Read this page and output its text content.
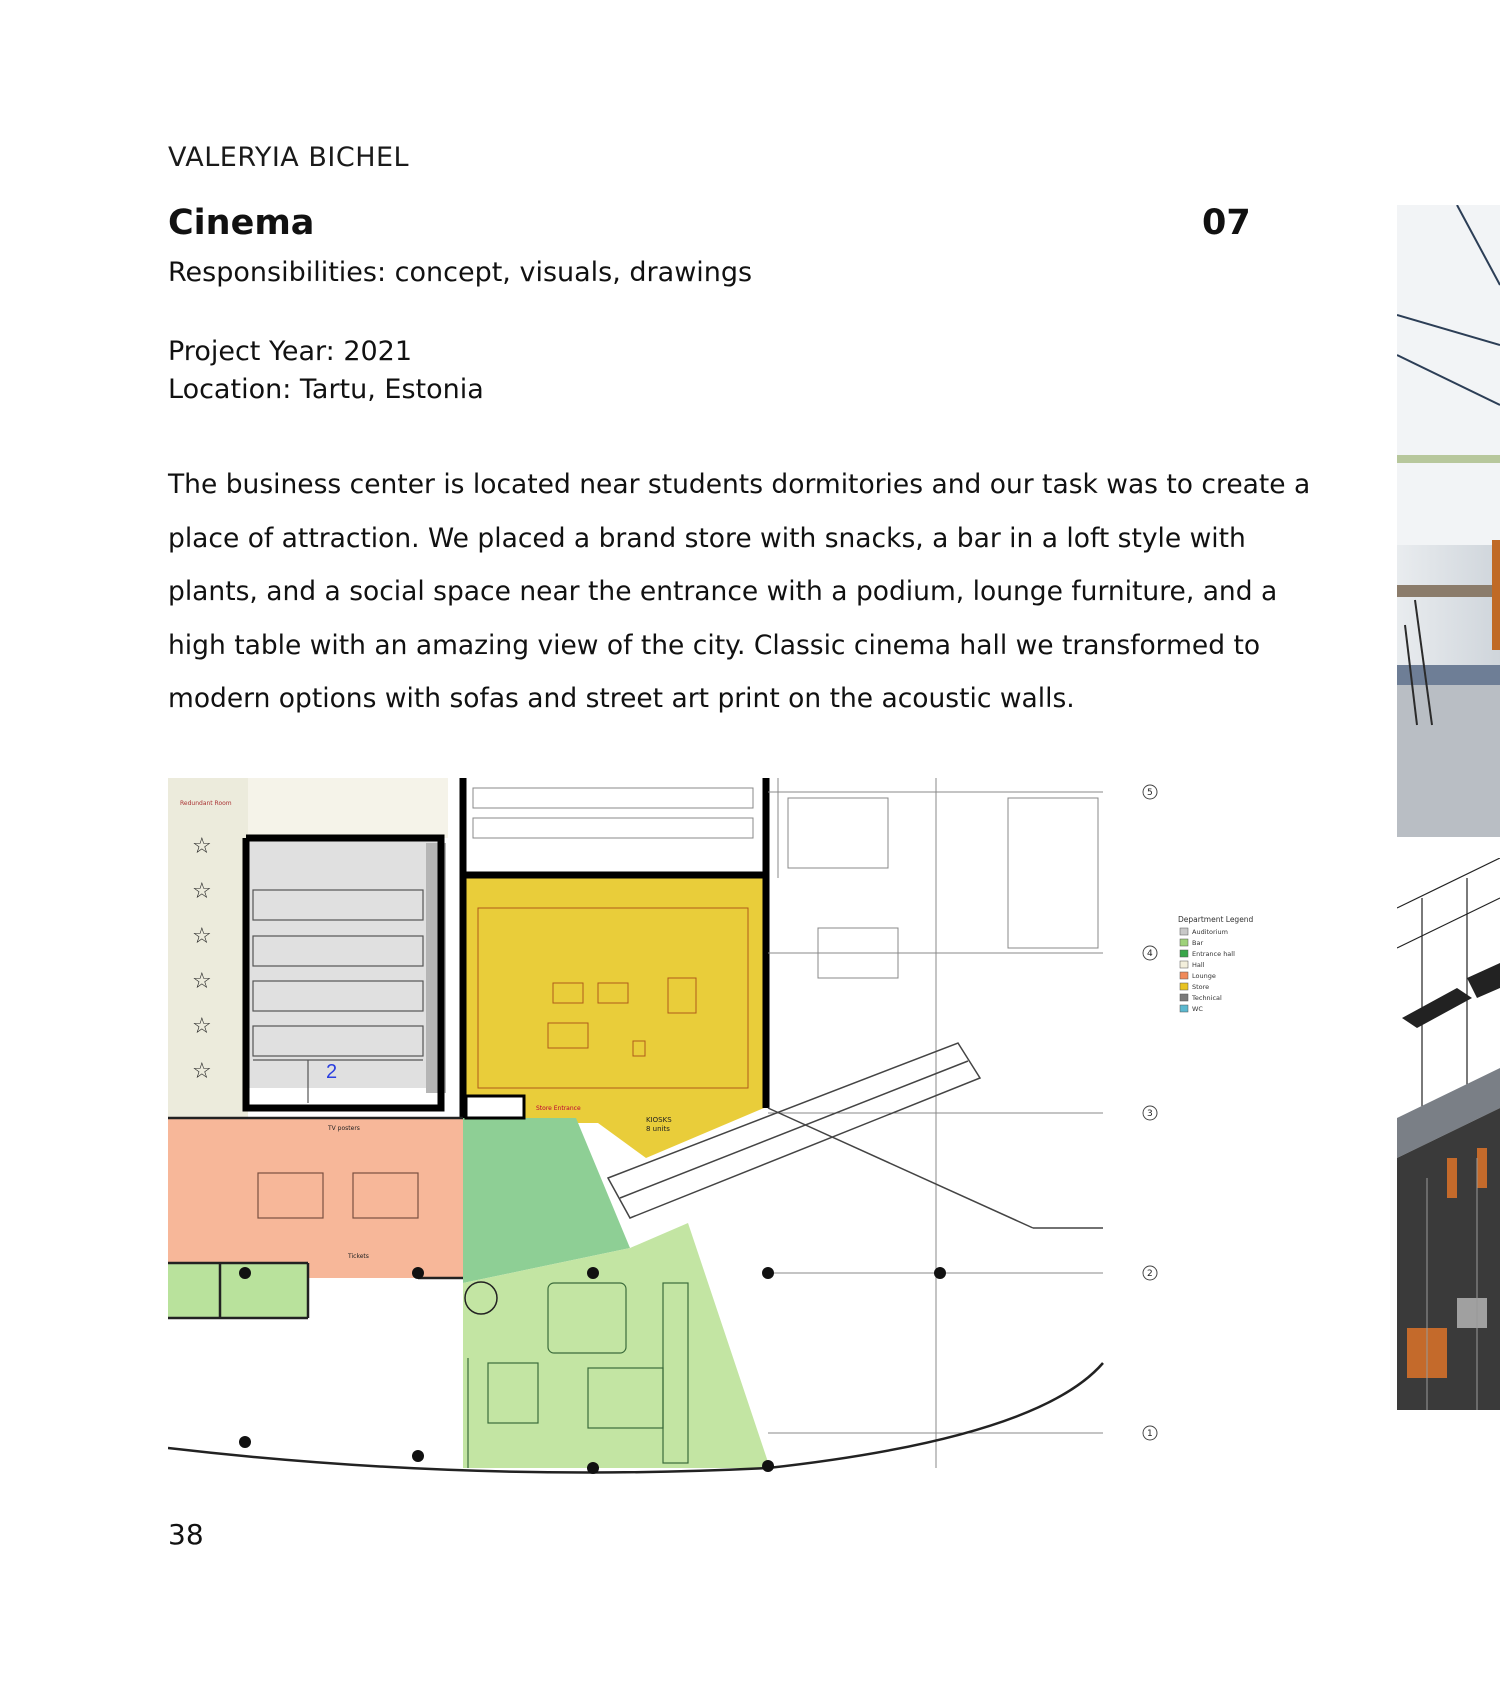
VALERYIA BICHEL
Cinema	07
Responsibilities: concept, visuals, drawings
Project Year: 2021
Location: Tartu, Estonia
The business center is located near students dormitories and our task was to create a place of attraction. We placed a brand store with snacks, a bar in a loft style with plants, and a social space near the entrance with a podium, lounge furniture, and a high table with an amazing view of the city. Classic cinema hall we transformed to modern options with sofas and street art print on the acoustic walls.
2
☆
☆
☆
☆
☆
☆
Redundant Room
Store Entrance
KIOSKS
8 units
TV posters
Tickets
5
4
3
2
1
Department Legend
Auditorium
Bar
Entrance hall
Hall
Lounge
Store
Technical
WC
38
